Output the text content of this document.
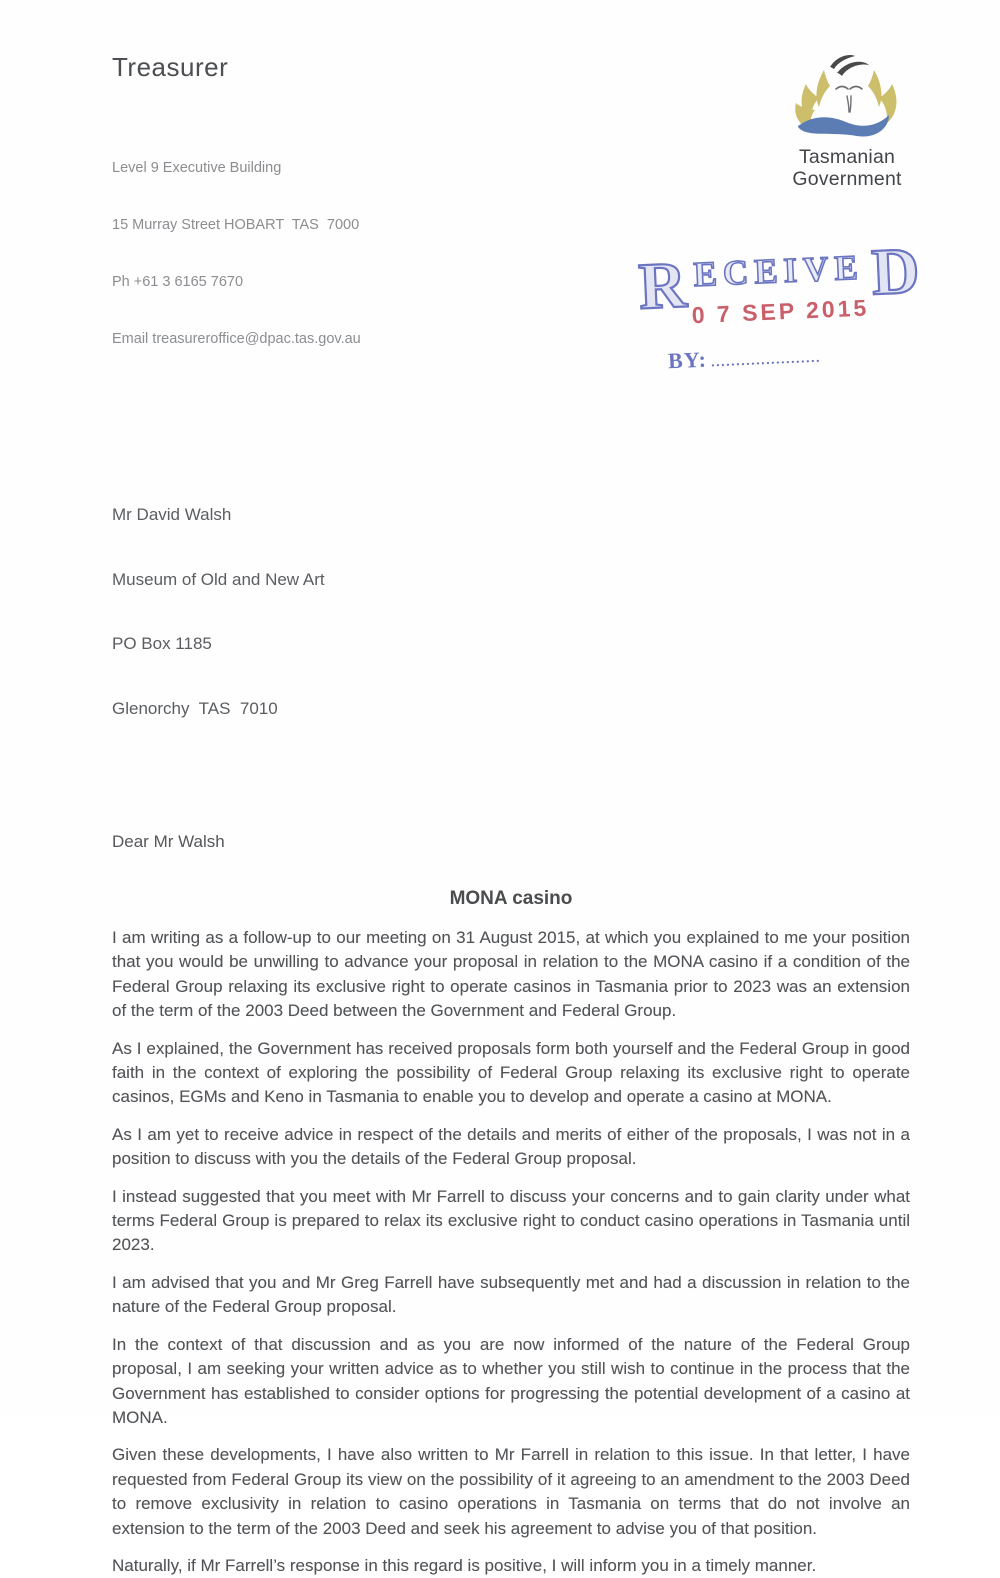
Treasurer

Level 9 Executive Building

15 Murray Street HOBART  TAS  7000

Ph +61 3 6165 7670

Email treasureroffice@dpac.tas.gov.au

Tasmanian
Government

Mr David Walsh

Museum of Old and New Art

PO Box 1185

Glenorchy  TAS  7010

R ECEIVE
0 7 SEP 2015
D
BY: ......................
Dear Mr Walsh
MONA casino

I am writing as a follow-up to our meeting on 31 August 2015, at which you explained to me your position that you would be unwilling to advance your proposal in relation to the MONA casino if a condition of the Federal Group relaxing its exclusive right to operate casinos in Tasmania prior to 2023 was an extension of the term of the 2003 Deed between the Government and Federal Group.

As I explained, the Government has received proposals form both yourself and the Federal Group in good faith in the context of exploring the possibility of Federal Group relaxing its exclusive right to operate casinos, EGMs and Keno in Tasmania to enable you to develop and operate a casino at MONA.

As I am yet to receive advice in respect of the details and merits of either of the proposals, I was not in a position to discuss with you the details of the Federal Group proposal.

I instead suggested that you meet with Mr Farrell to discuss your concerns and to gain clarity under what terms Federal Group is prepared to relax its exclusive right to conduct casino operations in Tasmania until 2023.

I am advised that you and Mr Greg Farrell have subsequently met and had a discussion in relation to the nature of the Federal Group proposal.

In the context of that discussion and as you are now informed of the nature of the Federal Group proposal, I am seeking your written advice as to whether you still wish to continue in the process that the Government has established to consider options for progressing the potential development of a casino at MONA.

Given these developments, I have also written to Mr Farrell in relation to this issue. In that letter, I have requested from Federal Group its view on the possibility of it agreeing to an amendment to the 2003 Deed to remove exclusivity in relation to casino operations in Tasmania on terms that do not involve an extension to the term of the 2003 Deed and seek his agreement to advise you of that position.

Naturally, if Mr Farrell’s response in this regard is positive, I will inform you in a timely manner.
